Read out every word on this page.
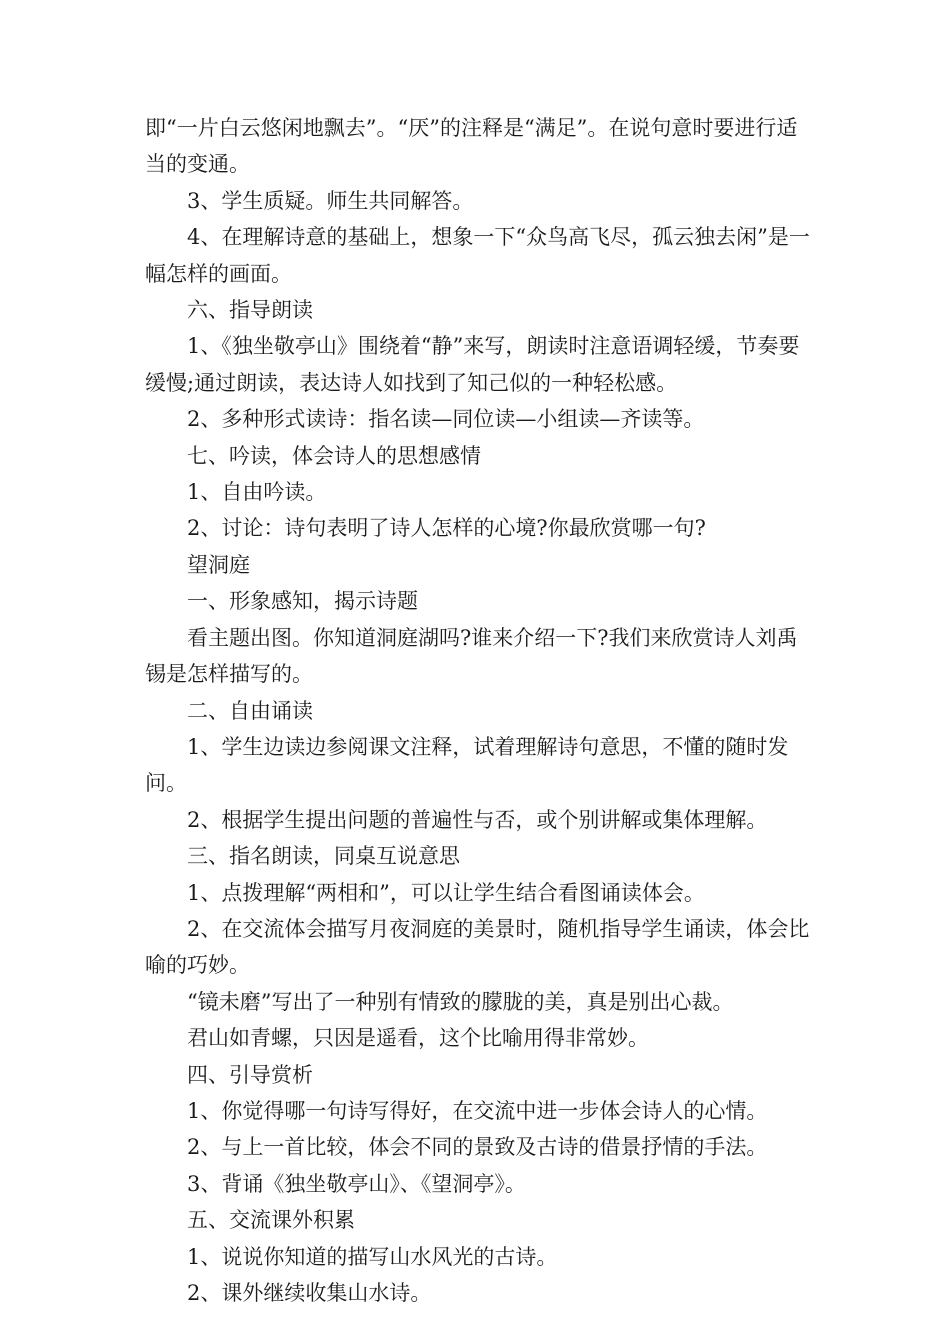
即“一片白云悠闲地飘去”。“厌”的注释是“满足”。在说句意时要进行适当的变通。

3、学生质疑。师生共同解答。

4、在理解诗意的基础上，想象一下“众鸟高飞尽，孤云独去闲”是一幅怎样的画面。

六、指导朗读

1、《独坐敬亭山》围绕着“静”来写，朗读时注意语调轻缓，节奏要缓慢;通过朗读，表达诗人如找到了知己似的一种轻松感。

2、多种形式读诗：指名读—同位读—小组读—齐读等。

七、吟读，体会诗人的思想感情

1、自由吟读。

2、讨论：诗句表明了诗人怎样的心境?你最欣赏哪一句?

望洞庭

一、形象感知，揭示诗题

看主题出图。你知道洞庭湖吗?谁来介绍一下?我们来欣赏诗人刘禹锡是怎样描写的。

二、自由诵读

1、学生边读边参阅课文注释，试着理解诗句意思，不懂的随时发问。

2、根据学生提出问题的普遍性与否，或个别讲解或集体理解。

三、指名朗读，同桌互说意思

1、点拨理解“两相和”，可以让学生结合看图诵读体会。

2、在交流体会描写月夜洞庭的美景时，随机指导学生诵读，体会比喻的巧妙。

“镜未磨”写出了一种别有情致的朦胧的美，真是别出心裁。

君山如青螺，只因是遥看，这个比喻用得非常妙。

四、引导赏析

1、你觉得哪一句诗写得好，在交流中进一步体会诗人的心情。

2、与上一首比较，体会不同的景致及古诗的借景抒情的手法。

3、背诵《独坐敬亭山》、《望洞亭》。

五、交流课外积累

1、说说你知道的描写山水风光的古诗。

2、课外继续收集山水诗。
